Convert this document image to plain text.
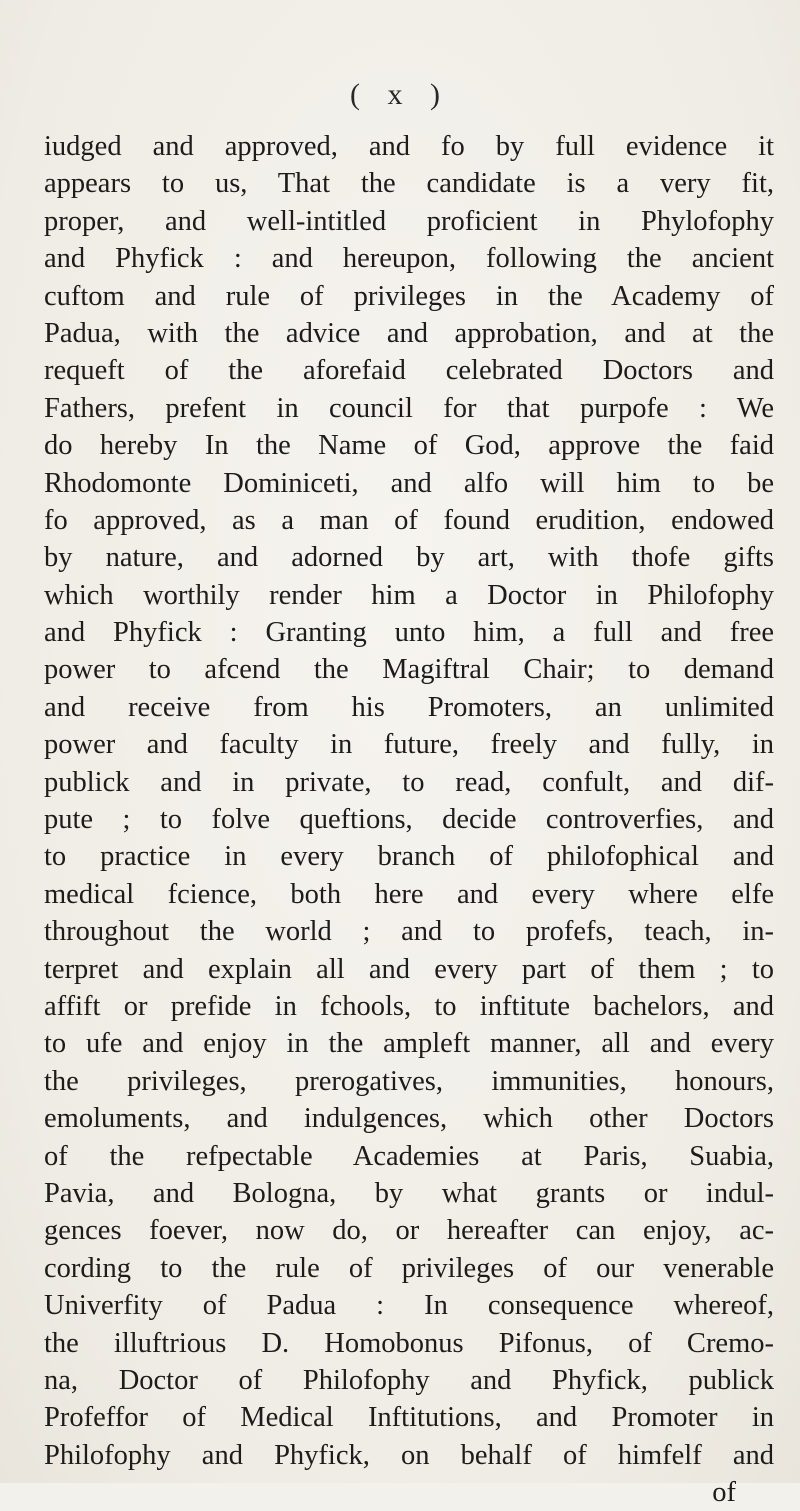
( x )
iudged and approved, and fo by full evidence it
appears to us, That the candidate is a very fit,
proper, and well-intitled proficient in Phylofophy
and Phyfick : and hereupon, following the ancient
cuftom and rule of privileges in the Academy of
Padua, with the advice and approbation, and at the
requeft of the aforefaid celebrated Doctors and
Fathers, prefent in council for that purpofe : We
do hereby In the Name of God, approve the faid
Rhodomonte Dominiceti, and alfo will him to be
fo approved, as a man of found erudition, endowed
by nature, and adorned by art, with thofe gifts
which worthily render him a Doctor in Philofophy
and Phyfick : Granting unto him, a full and free
power to afcend the Magiftral Chair; to demand
and receive from his Promoters, an unlimited
power and faculty in future, freely and fully, in
publick and in private, to read, confult, and dif-
pute ; to folve queftions, decide controverfies, and
to practice in every branch of philofophical and
medical fcience, both here and every where elfe
throughout the world ; and to profefs, teach, in-
terpret and explain all and every part of them ; to
affift or prefide in fchools, to inftitute bachelors, and
to ufe and enjoy in the ampleft manner, all and every
the privileges, prerogatives, immunities, honours,
emoluments, and indulgences, which other Doctors
of the refpectable Academies at Paris, Suabia,
Pavia, and Bologna, by what grants or indul-
gences foever, now do, or hereafter can enjoy, ac-
cording to the rule of privileges of our venerable
Univerfity of Padua : In consequence whereof,
the illuftrious D. Homobonus Pifonus, of Cremo-
na, Doctor of Philofophy and Phyfick, publick
Profeffor of Medical Inftitutions, and Promoter in
Philofophy and Phyfick, on behalf of himfelf and
of
